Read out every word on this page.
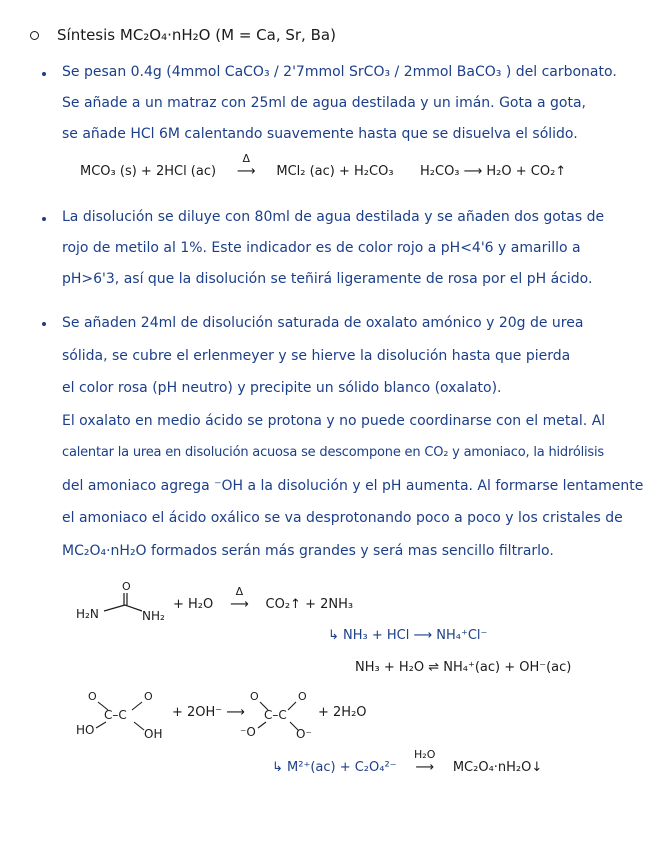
Síntesis MC₂O₄·nH₂O (M = Ca, Sr, Ba)
Se pesan 0.4g (4mmol CaCO₃ / 2'7mmol SrCO₃ / 2mmol BaCO₃ ) del carbonato.
Se añade a un matraz con 25ml de agua destilada y un imán. Gota a gota,
se añade HCl 6M calentando suavemente hasta que se disuelva el sólido.
MCO₃ (s) + 2HCl (ac)
Δ
⟶ MCl₂ (ac) + H₂CO₃ H₂CO₃ ⟶ H₂O + CO₂↑
La disolución se diluye con 80ml de agua destilada y se añaden dos gotas de
rojo de metilo al 1%. Este indicador es de color rojo a pH<4'6 y amarillo a
pH>6'3, así que la disolución se teñirá ligeramente de rosa por el pH ácido.
Se añaden 24ml de disolución saturada de oxalato amónico y 20g de urea
sólida, se cubre el erlenmeyer y se hierve la disolución hasta que pierda
el color rosa (pH neutro) y precipite un sólido blanco (oxalato).
El oxalato en medio ácido se protona y no puede coordinarse con el metal. Al
calentar la urea en disolución acuosa se descompone en CO₂ y amoniaco, la hidrólisis
del amoniaco agrega ⁻OH a la disolución y el pH aumenta. Al formarse lentamente
el amoniaco el ácido oxálico se va desprotonando poco a poco y los cristales de
MC₂O₄·nH₂O formados serán más grandes y será mas sencillo filtrarlo.
O
H₂N	NH₂
+ H₂O
Δ
⟶ CO₂↑ + 2NH₃
↳ NH₃ + HCl ⟶ NH₄⁺Cl⁻
NH₃ + H₂O ⇌ NH₄⁺(ac) + OH⁻(ac)
O	O
C–C
HO	OH
+ 2OH⁻ ⟶
O	O
C–C
⁻O	O⁻
+ 2H₂O
↳ M²⁺(ac) + C₂O₄²⁻
H₂O
⟶ MC₂O₄·nH₂O↓
